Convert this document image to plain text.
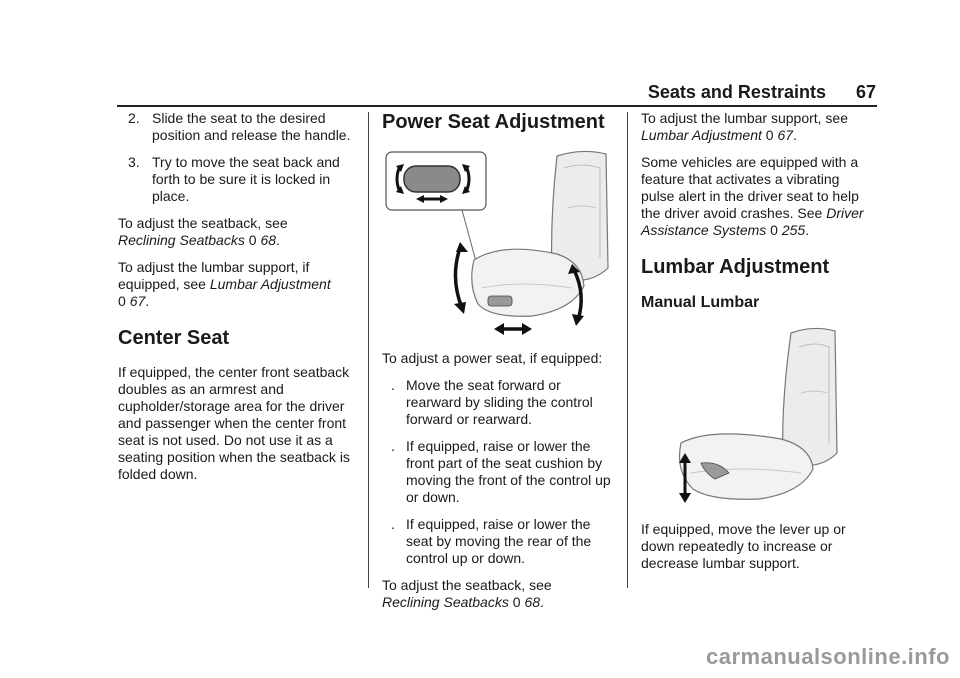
Seats and Restraints 67
2. Slide the seat to the desired position and release the handle.
3. Try to move the seat back and forth to be sure it is locked in place.

To adjust the seatback, see
Reclining Seatbacks 0 68.

To adjust the lumbar support, if equipped, see Lumbar Adjustment
0 67.

Center Seat

If equipped, the center front seatback doubles as an armrest and cupholder/storage area for the driver and passenger when the center front seat is not used. Do not use it as a seating position when the seatback is folded down.

Power Seat Adjustment

To adjust a power seat, if equipped:

. Move the seat forward or rearward by sliding the control forward or rearward.
. If equipped, raise or lower the front part of the seat cushion by moving the front of the control up or down.
. If equipped, raise or lower the seat by moving the rear of the control up or down.

To adjust the seatback, see
Reclining Seatbacks 0 68.

To adjust the lumbar support, see
Lumbar Adjustment 0 67.

Some vehicles are equipped with a feature that activates a vibrating pulse alert in the driver seat to help the driver avoid crashes. See Driver Assistance Systems 0 255.

Lumbar Adjustment
Manual Lumbar

If equipped, move the lever up or down repeatedly to increase or decrease lumbar support.

carmanualsonline.info
